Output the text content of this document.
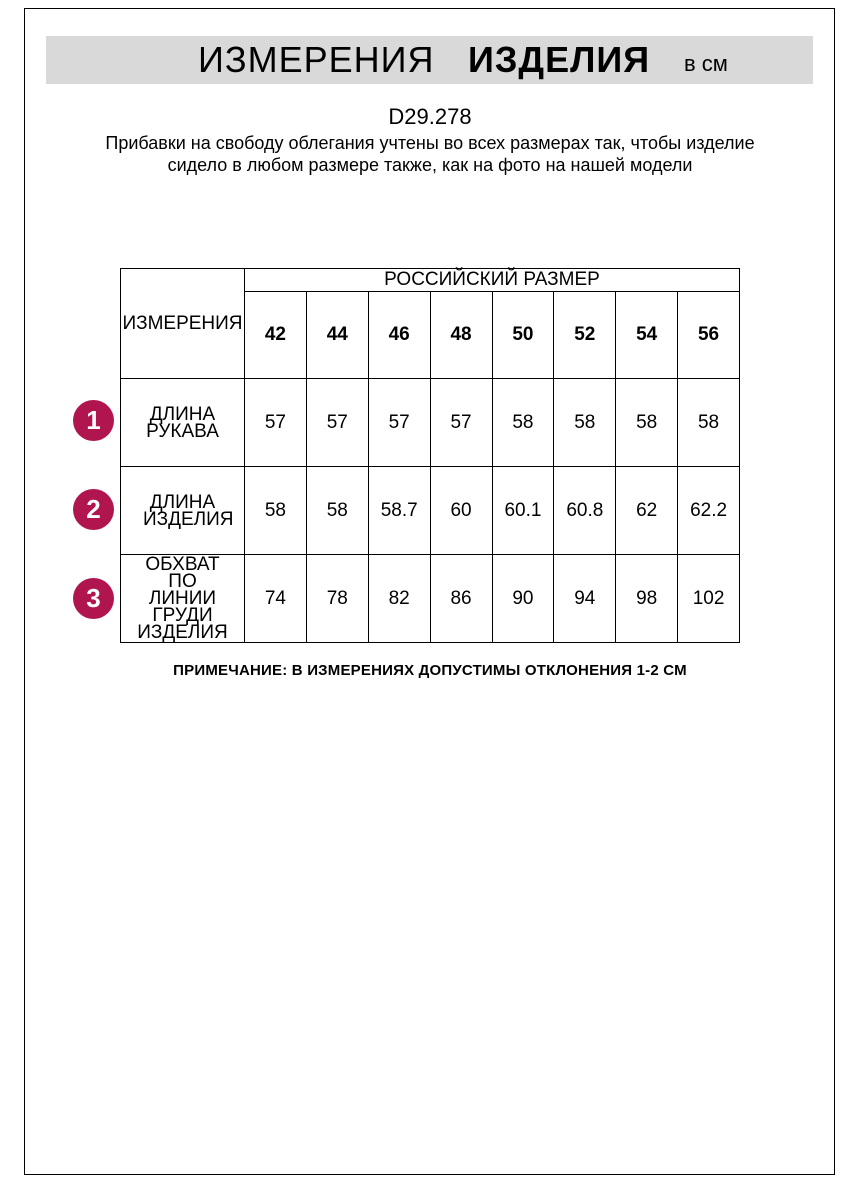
ИЗМЕРЕНИЯ ИЗДЕЛИЯ в см
D29.278
Прибавки на свободу облегания учтены во всех размерах так, чтобы изделие сидело в любом размере также, как на фото на нашей модели
ИЗМЕРЕНИЯ	РОССИЙСКИЙ РАЗМЕР							
	42	44	46	48	50	52	54	56
ДЛИНА РУКАВА	57	57	57	57	58	58	58	58
ДЛИНА ИЗДЕЛИЯ	58	58	58.7	60	60.1	60.8	62	62.2
ОБХВАТ ПО ЛИНИИ ГРУДИ ИЗДЕЛИЯ	74	78	82	86	90	94	98	102
1
2
3
ПРИМЕЧАНИЕ: В ИЗМЕРЕНИЯХ ДОПУСТИМЫ ОТКЛОНЕНИЯ 1-2 СМ
